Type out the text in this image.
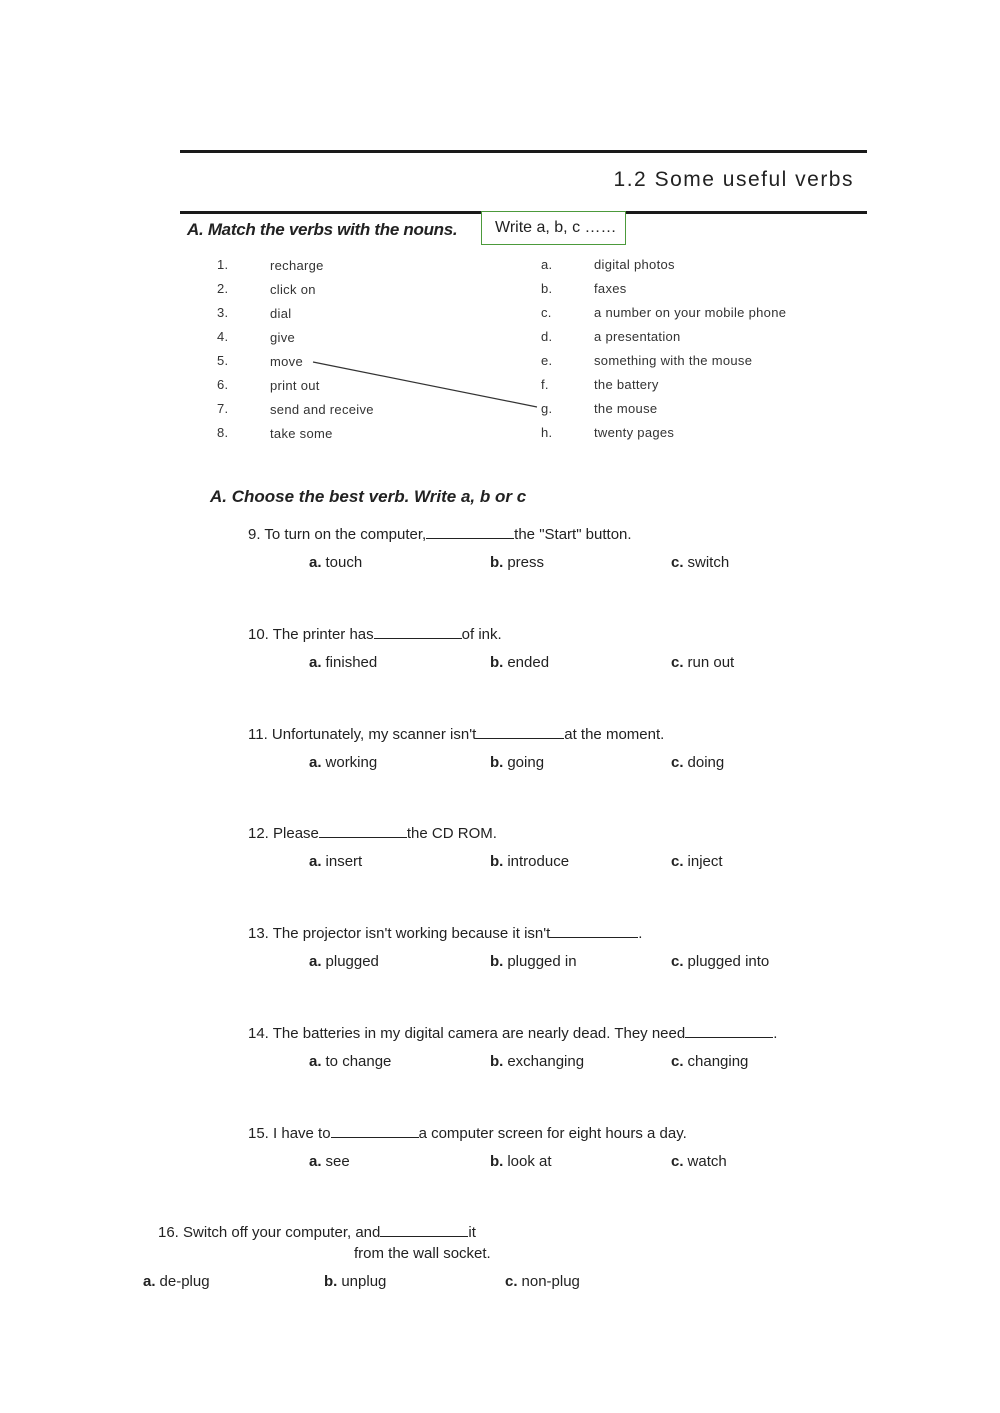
1.2 Some useful verbs
A. Match the verbs with the nouns.	Write a, b, c ……
1.	recharge
2.	click on
3.	dial
4.	give
5.	move
6.	print out
7.	send and receive
8.	take some
a.	digital photos
b.	faxes
c.	a number on your mobile phone
d.	a presentation
e.	something with the mouse
f.	the battery
g.	the mouse
h.	twenty pages
A. Choose the best verb. Write a, b or c
9. To turn on the computer,	the "Start" button.
a. touch	b. press	c. switch
10. The printer has	of ink.
a. finished	b. ended	c. run out
11. Unfortunately, my scanner isn't	at the moment.
a. working	b. going	c. doing
12. Please	the CD ROM.
a. insert	b. introduce	c. inject
13. The projector isn't working because it isn't	.
a. plugged	b. plugged in	c. plugged into
14. The batteries in my digital camera are nearly dead. They need	.
a. to change	b. exchanging	c. changing
15. I have to	a computer screen for eight hours a day.
a. see	b. look at	c. watch
16. Switch off your computer, and	it
from the wall socket.
a. de-plug	b. unplug	c. non-plug
